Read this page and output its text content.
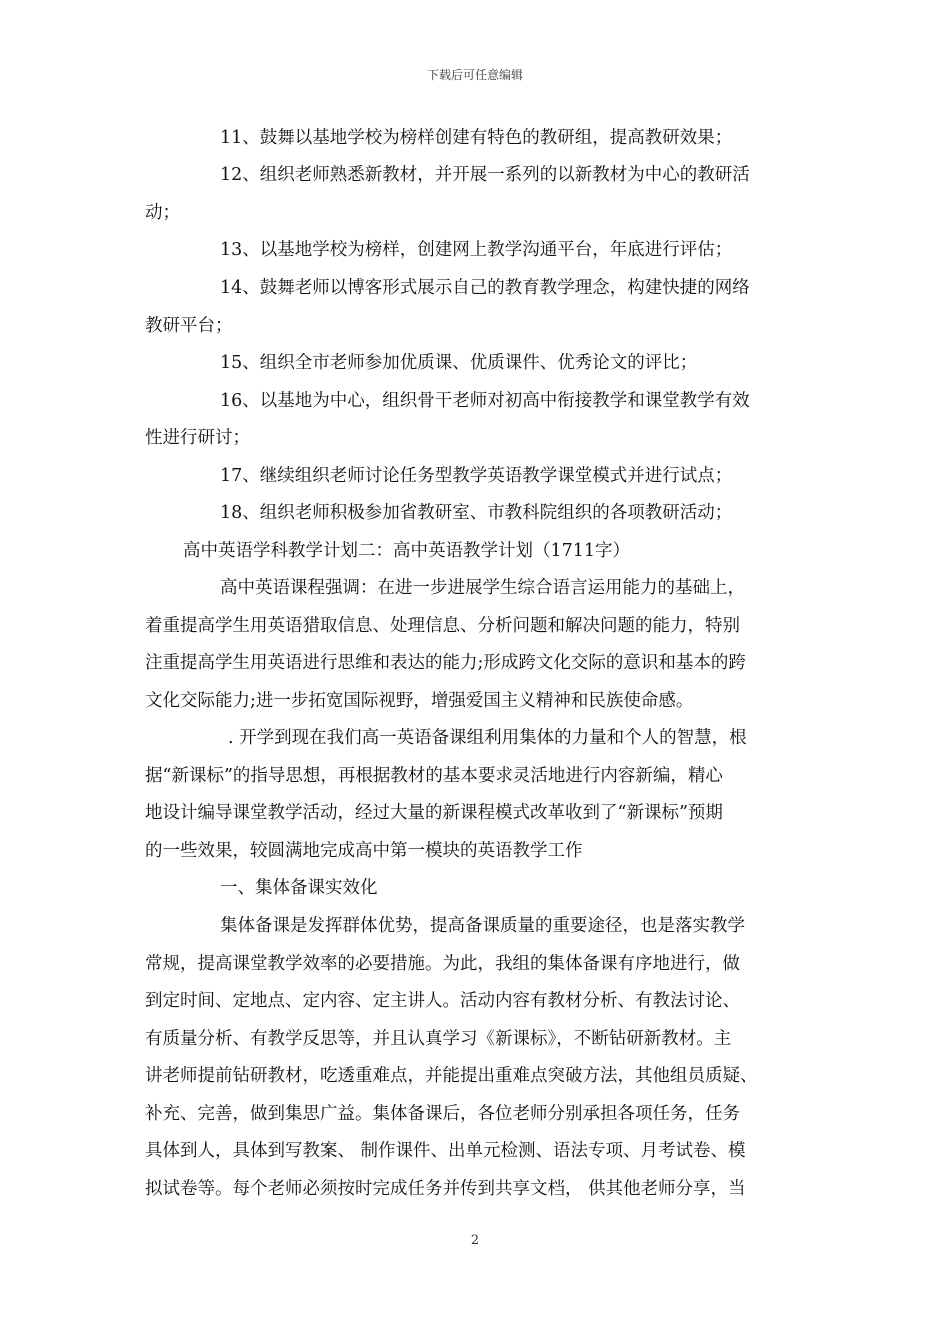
下载后可任意编辑
11、鼓舞以基地学校为榜样创建有特色的教研组，提高教研效果；
12、组织老师熟悉新教材，并开展一系列的以新教材为中心的教研活
动；
13、以基地学校为榜样，创建网上教学沟通平台，年底进行评估；
14、鼓舞老师以博客形式展示自己的教育教学理念，构建快捷的网络
教研平台；
15、组织全市老师参加优质课、优质课件、优秀论文的评比；
16、以基地为中心，组织骨干老师对初高中衔接教学和课堂教学有效
性进行研讨；
17、继续组织老师讨论任务型教学英语教学课堂模式并进行试点；
18、组织老师积极参加省教研室、市教科院组织的各项教研活动；
高中英语学科教学计划二：高中英语教学计划（1711字）
高中英语课程强调：在进一步进展学生综合语言运用能力的基础上，
着重提高学生用英语猎取信息、处理信息、分析问题和解决问题的能力，特别
注重提高学生用英语进行思维和表达的能力;形成跨文化交际的意识和基本的跨
文化交际能力;进一步拓宽国际视野，增强爱国主义精神和民族使命感。
. 开学到现在我们高一英语备课组利用集体的力量和个人的智慧，根
据“新课标”的指导思想，再根据教材的基本要求灵活地进行内容新编，精心
地设计编导课堂教学活动，经过大量的新课程模式改革收到了“新课标”预期
的一些效果，较圆满地完成高中第一模块的英语教学工作
一、集体备课实效化
集体备课是发挥群体优势，提高备课质量的重要途径，也是落实教学
常规，提高课堂教学效率的必要措施。为此，我组的集体备课有序地进行，做
到定时间、定地点、定内容、定主讲人。活动内容有教材分析、有教法讨论、
有质量分析、有教学反思等，并且认真学习《新课标》，不断钻研新教材。主
讲老师提前钻研教材，吃透重难点，并能提出重难点突破方法，其他组员质疑、
补充、完善，做到集思广益。集体备课后，各位老师分别承担各项任务，任务
具体到人，具体到写教案、 制作课件、出单元检测、语法专项、月考试卷、模
拟试卷等。每个老师必须按时完成任务并传到共享文档， 供其他老师分享，当
2
